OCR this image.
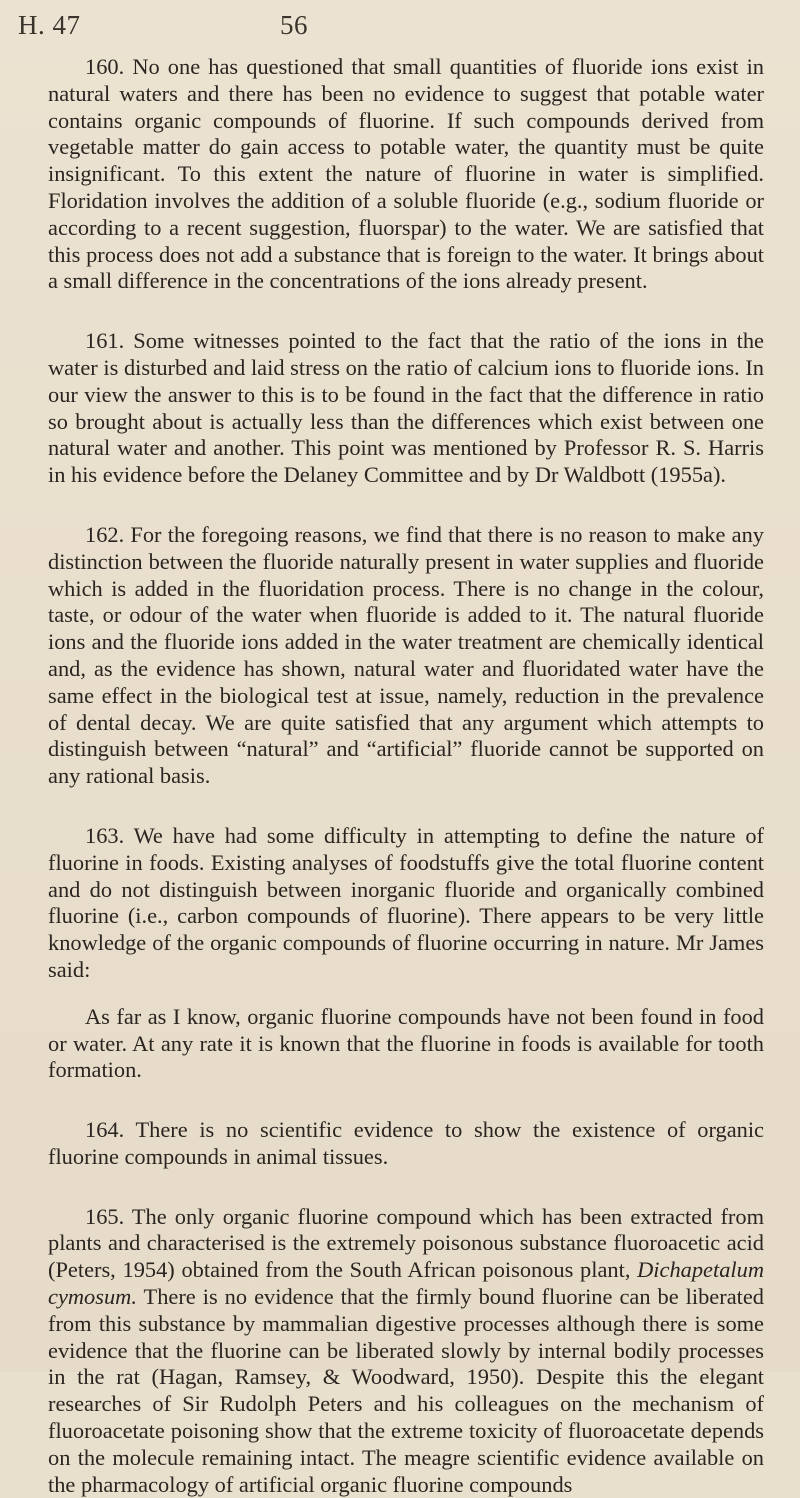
H. 47	56

160. No one has questioned that small quantities of fluoride ions exist in natural waters and there has been no evidence to suggest that potable water contains organic compounds of fluorine. If such compounds derived from vegetable matter do gain access to potable water, the quantity must be quite insignificant. To this extent the nature of fluorine in water is simplified. Floridation involves the addition of a soluble fluoride (e.g., sodium fluoride or according to a recent suggestion, fluorspar) to the water. We are satisfied that this process does not add a substance that is foreign to the water. It brings about a small difference in the concentrations of the ions already present.

161. Some witnesses pointed to the fact that the ratio of the ions in the water is disturbed and laid stress on the ratio of calcium ions to fluoride ions. In our view the answer to this is to be found in the fact that the difference in ratio so brought about is actually less than the differences which exist between one natural water and another. This point was mentioned by Professor R. S. Harris in his evidence before the Delaney Committee and by Dr Waldbott (1955a).

162. For the foregoing reasons, we find that there is no reason to make any distinction between the fluoride naturally present in water supplies and fluoride which is added in the fluoridation process. There is no change in the colour, taste, or odour of the water when fluoride is added to it. The natural fluoride ions and the fluoride ions added in the water treatment are chemically identical and, as the evidence has shown, natural water and fluoridated water have the same effect in the biological test at issue, namely, reduction in the prevalence of dental decay. We are quite satisfied that any argument which attempts to distinguish between “natural” and “artificial” fluoride cannot be supported on any rational basis.

163. We have had some difficulty in attempting to define the nature of fluorine in foods. Existing analyses of foodstuffs give the total fluorine content and do not distinguish between inorganic fluoride and organically combined fluorine (i.e., carbon compounds of fluorine). There appears to be very little knowledge of the organic compounds of fluorine occurring in nature. Mr James said:

As far as I know, organic fluorine compounds have not been found in food or water. At any rate it is known that the fluorine in foods is available for tooth formation.

164. There is no scientific evidence to show the existence of organic fluorine compounds in animal tissues.

165. The only organic fluorine compound which has been extracted from plants and characterised is the extremely poisonous substance fluoroacetic acid (Peters, 1954) obtained from the South African poisonous plant, Dichapetalum cymosum. There is no evidence that the firmly bound fluorine can be liberated from this substance by mammalian digestive processes although there is some evidence that the fluorine can be liberated slowly by internal bodily processes in the rat (Hagan, Ramsey, & Woodward, 1950). Despite this the elegant researches of Sir Rudolph Peters and his colleagues on the mechanism of fluoroacetate poisoning show that the extreme toxicity of fluoroacetate depends on the molecule remaining intact. The meagre scientific evidence available on the pharmacology of artificial organic fluorine compounds
